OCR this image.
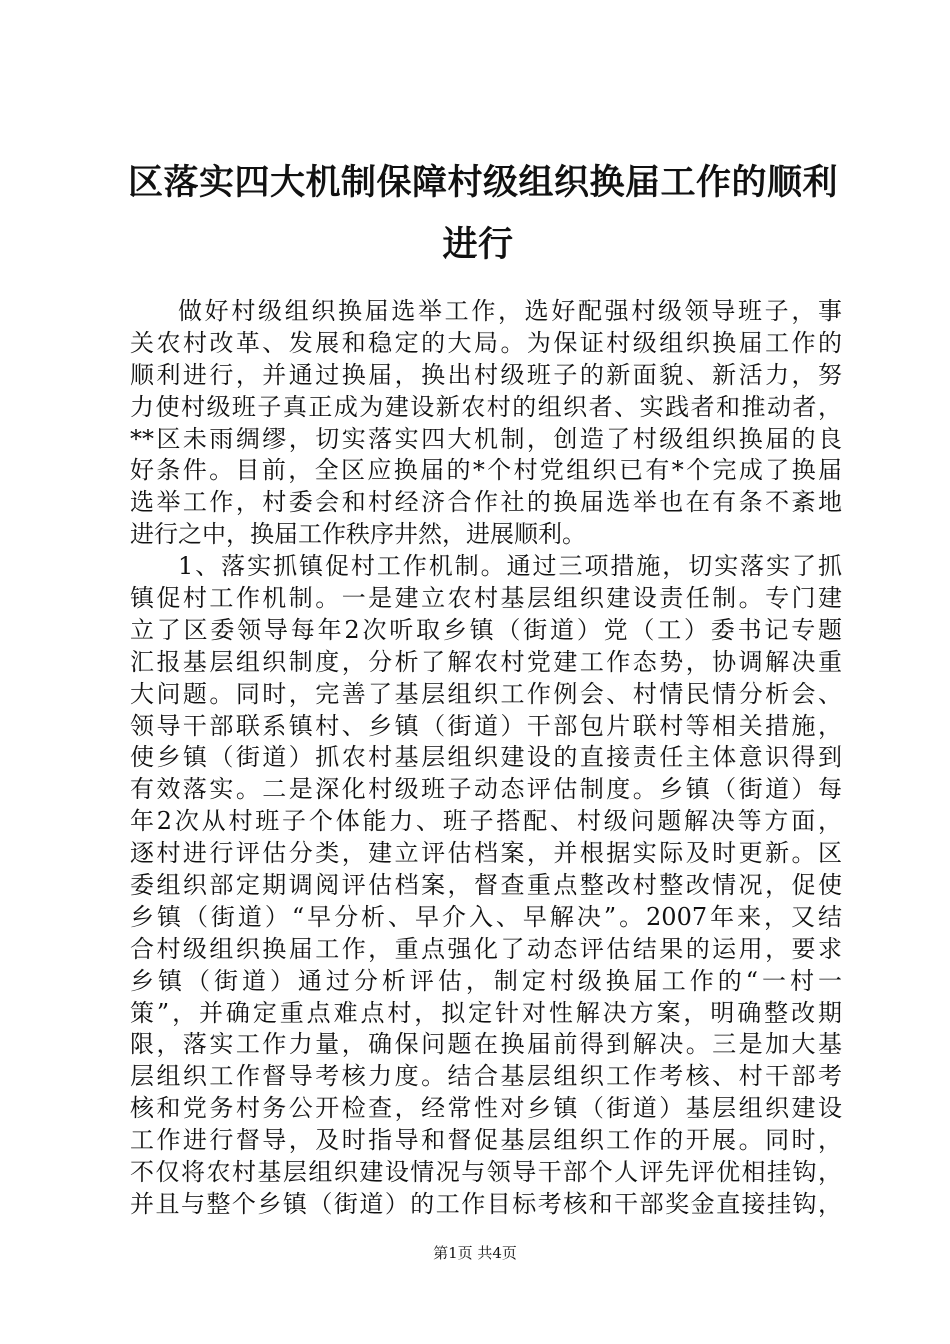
区落实四大机制保障村级组织换届工作的顺利
进行

做好村级组织换届选举工作，选好配强村级领导班子，事
关农村改革、发展和稳定的大局。为保证村级组织换届工作的
顺利进行，并通过换届，换出村级班子的新面貌、新活力，努
力使村级班子真正成为建设新农村的组织者、实践者和推动者，
**区未雨绸缪，切实落实四大机制，创造了村级组织换届的良
好条件。目前，全区应换届的*个村党组织已有*个完成了换届
选举工作，村委会和村经济合作社的换届选举也在有条不紊地
进行之中，换届工作秩序井然，进展顺利。

1、落实抓镇促村工作机制。通过三项措施，切实落实了抓
镇促村工作机制。一是建立农村基层组织建设责任制。专门建
立了区委领导每年2次听取乡镇（街道）党（工）委书记专题
汇报基层组织制度，分析了解农村党建工作态势，协调解决重
大问题。同时，完善了基层组织工作例会、村情民情分析会、
领导干部联系镇村、乡镇（街道）干部包片联村等相关措施，
使乡镇（街道）抓农村基层组织建设的直接责任主体意识得到
有效落实。二是深化村级班子动态评估制度。乡镇（街道）每
年2次从村班子个体能力、班子搭配、村级问题解决等方面，
逐村进行评估分类，建立评估档案，并根据实际及时更新。区
委组织部定期调阅评估档案，督查重点整改村整改情况，促使
乡镇（街道）“早分析、早介入、早解决”。2007年来，又结
合村级组织换届工作，重点强化了动态评估结果的运用，要求
乡镇（街道）通过分析评估，制定村级换届工作的“一村一
策”，并确定重点难点村，拟定针对性解决方案，明确整改期
限，落实工作力量，确保问题在换届前得到解决。三是加大基
层组织工作督导考核力度。结合基层组织工作考核、村干部考
核和党务村务公开检查，经常性对乡镇（街道）基层组织建设
工作进行督导，及时指导和督促基层组织工作的开展。同时，
不仅将农村基层组织建设情况与领导干部个人评先评优相挂钩，
并且与整个乡镇（街道）的工作目标考核和干部奖金直接挂钩，

第1页 共4页
